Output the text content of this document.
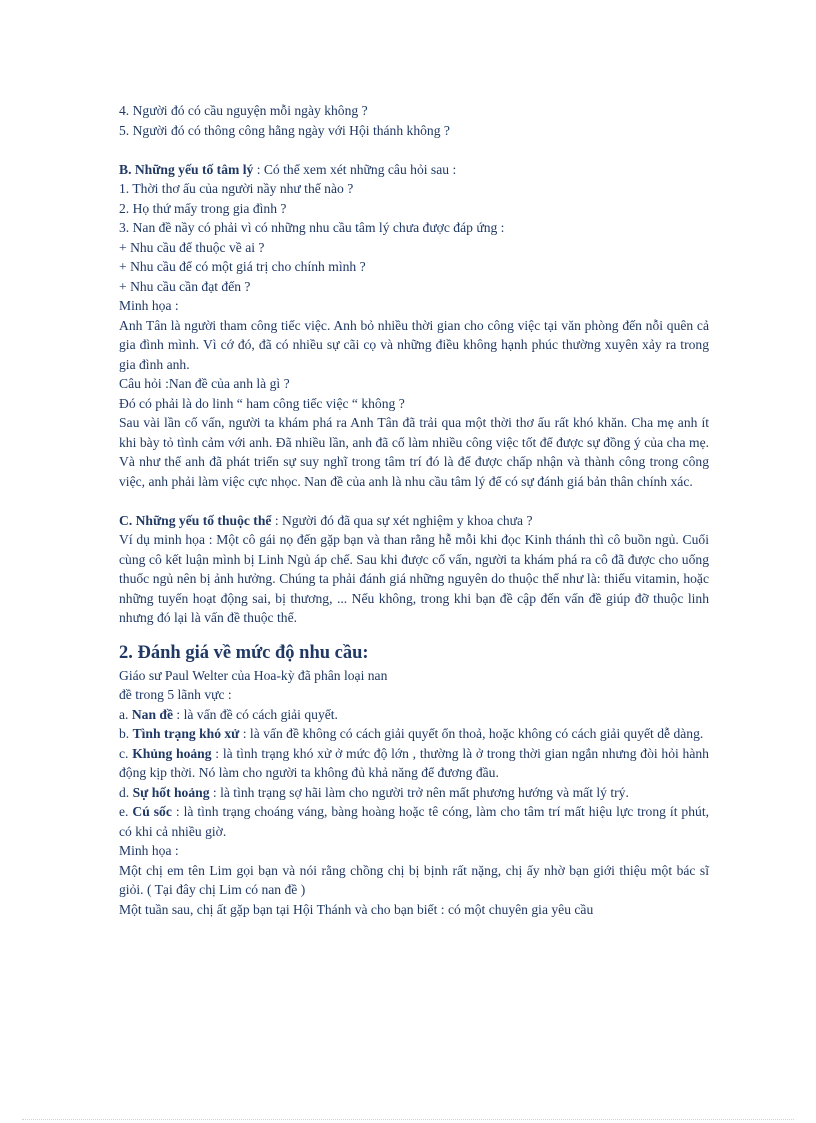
4. Người đó có cầu nguyện mỗi ngày không ?

5. Người đó có thông công hằng ngày với Hội thánh không ?

B. Những yếu tố tâm lý : Có thể xem xét những câu hỏi sau :

1. Thời thơ ấu của người nầy như thế nào ?

2. Họ thứ mấy trong gia đình ?

3. Nan đề nầy có phải vì có những nhu cầu tâm lý chưa được đáp ứng :

+ Nhu cầu để thuộc về ai ?

+ Nhu cầu để có một giá trị cho chính mình ?

+ Nhu cầu cần đạt đến ?

Minh họa :

Anh Tân là người tham công tiếc việc. Anh bỏ nhiều thời gian cho công việc tại văn phòng đến nỗi quên cả gia đình mình. Vì cớ đó, đã có nhiều sự cãi cọ và những điều không hạnh phúc thường xuyên xảy ra trong gia đình anh.

Câu hỏi :Nan đề của anh là gì ?

Đó có phải là do linh “ ham công tiếc việc “ không ?

Sau vài lần cố vấn, người ta khám phá ra Anh Tân đã trải qua một thời thơ ấu rất khó khăn. Cha mẹ anh ít khi bày tỏ tình cảm với anh. Đã nhiều lần, anh đã cố làm nhiều công việc tốt để được sự đồng ý của cha mẹ. Và như thế anh đã phát triển sự suy nghĩ trong tâm trí đó là để được chấp nhận và thành công trong công việc, anh phải làm việc cực nhọc. Nan đề của anh là nhu cầu tâm lý để có sự đánh giá bản thân chính xác.

C. Những yếu tố thuộc thể : Người đó đã qua sự xét nghiệm y khoa chưa ?

Ví dụ minh họa : Một cô gái nọ đến gặp bạn và than rằng hễ mỗi khi đọc Kinh thánh thì cô buồn ngủ. Cuối cùng cô kết luận mình bị Linh Ngủ áp chế. Sau khi được cố vấn, người ta khám phá ra cô đã được cho uống thuốc ngủ nên bị ảnh hưởng. Chúng ta phải đánh giá những nguyên do thuộc thể như là: thiếu vitamin, hoặc những tuyến hoạt động sai, bị thương, ... Nếu không, trong khi bạn đề cập đến vấn đề giúp đỡ thuộc linh nhưng đó lại là vấn đề thuộc thể.

2. Đánh giá về mức độ nhu cầu:

Giáo sư Paul Welter của Hoa-kỳ đã phân loại nan

đề trong 5 lãnh vực :

a. Nan đề : là vấn đề có cách giải quyết.

b. Tình trạng khó xử : là vấn đề không có cách giải quyết ổn thoả, hoặc không có cách giải quyết dễ dàng.

c. Khủng hoảng : là tình trạng khó xử ở mức độ lớn , thường là ở trong thời gian ngắn nhưng đòi hỏi hành động kịp thời. Nó làm cho người ta không đủ khả năng để đương đầu.

d. Sự hốt hoảng : là tình trạng sợ hãi làm cho người trở nên mất phương hướng và mất lý trý.

e. Cú sốc : là tình trạng choáng váng, bàng hoàng hoặc tê cóng, làm cho tâm trí mất hiệu lực trong ít phút, có khi cả nhiều giờ.

Minh họa :

Một chị em tên Lim gọi bạn và nói rằng chồng chị bị bịnh rất nặng, chị ấy nhờ bạn giới thiệu một bác sĩ giỏi. ( Tại đây chị Lim có nan đề )

Một tuần sau, chị ất gặp bạn tại Hội Thánh và cho bạn biết : có một chuyên gia yêu cầu
